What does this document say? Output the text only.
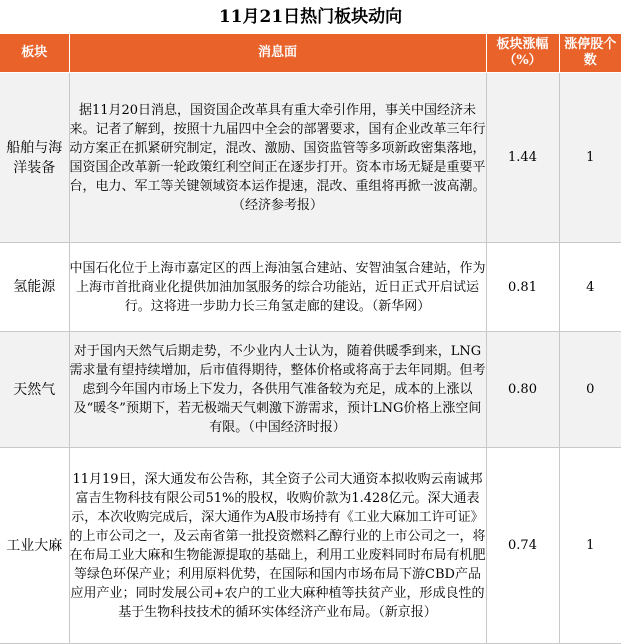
11月21日热门板块动向
板块	消息面	板块涨幅（%）	涨停股个数
船舶与海洋装备	据11月20日消息，国资国企改革具有重大牵引作用，事关中国经济未来。记者了解到，按照十九届四中全会的部署要求，国有企业改革三年行动方案正在抓紧研究制定，混改、激励、国资监管等多项新政密集落地，国资国企改革新一轮政策红利空间正在逐步打开。资本市场无疑是重要平台，电力、军工等关键领域资本运作提速，混改、重组将再掀一波高潮。（经济参考报）	1.44	1
氢能源	中国石化位于上海市嘉定区的西上海油氢合建站、安智油氢合建站，作为上海市首批商业化提供加油加氢服务的综合功能站，近日正式开启试运行。这将进一步助力长三角氢走廊的建设。（新华网）	0.81	4
天然气	对于国内天然气后期走势，不少业内人士认为，随着供暖季到来，LNG需求量有望持续增加，后市值得期待，整体价格或将高于去年同期。但考虑到今年国内市场上下发力，各供用气准备较为充足，成本的上涨以及“暖冬”预期下，若无极端天气刺激下游需求，预计LNG价格上涨空间有限。（中国经济时报）	0.80	0
工业大麻	11月19日，深大通发布公告称，其全资子公司大通资本拟收购云南诚邦富吉生物科技有限公司51%的股权，收购价款为1.428亿元。深大通表示，本次收购完成后，深大通作为A股市场持有《工业大麻加工许可证》的上市公司之一，及云南省第一批投资燃料乙醇行业的上市公司之一，将在布局工业大麻和生物能源提取的基础上，利用工业废料同时布局有机肥等绿色环保产业；利用原料优势，在国际和国内市场布局下游CBD产品应用产业；同时发展公司+农户的工业大麻种植等扶贫产业，形成良性的基于生物科技技术的循环实体经济产业布局。（新京报）	0.74	1
